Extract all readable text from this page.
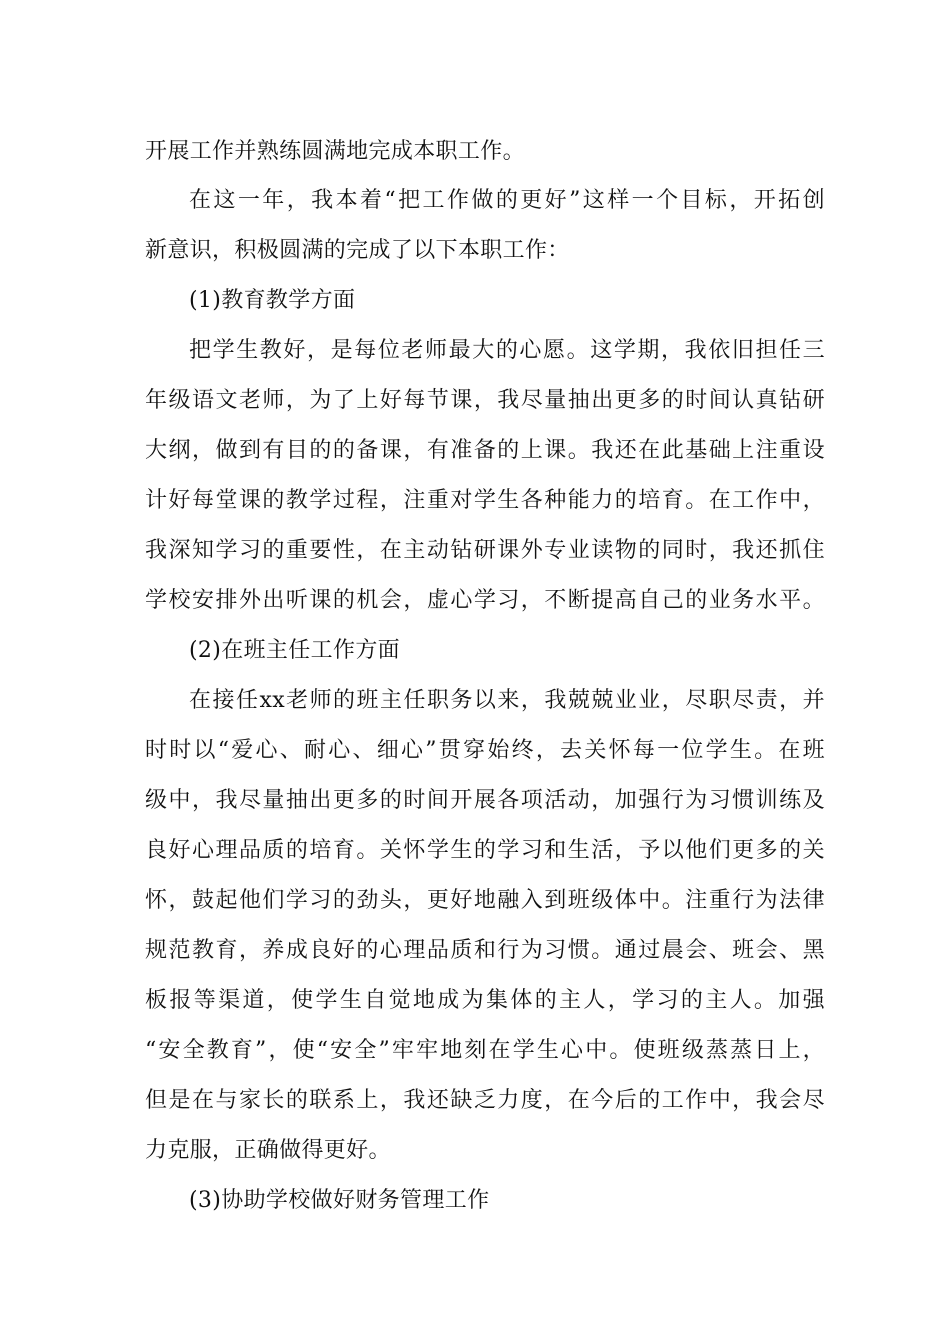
开展工作并熟练圆满地完成本职工作。
在这一年，我本着“把工作做的更好”这样一个目标，开拓创
新意识，积极圆满的完成了以下本职工作：
(1)教育教学方面
把学生教好，是每位老师最大的心愿。这学期，我依旧担任三
年级语文老师，为了上好每节课，我尽量抽出更多的时间认真钻研
大纲，做到有目的的备课，有准备的上课。我还在此基础上注重设
计好每堂课的教学过程，注重对学生各种能力的培育。在工作中，
我深知学习的重要性，在主动钻研课外专业读物的同时，我还抓住
学校安排外出听课的机会，虚心学习，不断提高自己的业务水平。
(2)在班主任工作方面
在接任xx老师的班主任职务以来，我兢兢业业，尽职尽责，并
时时以“爱心、耐心、细心”贯穿始终，去关怀每一位学生。在班
级中，我尽量抽出更多的时间开展各项活动，加强行为习惯训练及
良好心理品质的培育。关怀学生的学习和生活，予以他们更多的关
怀，鼓起他们学习的劲头，更好地融入到班级体中。注重行为法律
规范教育，养成良好的心理品质和行为习惯。通过晨会、班会、黑
板报等渠道，使学生自觉地成为集体的主人，学习的主人。加强
“安全教育”，使“安全”牢牢地刻在学生心中。使班级蒸蒸日上，
但是在与家长的联系上，我还缺乏力度，在今后的工作中，我会尽
力克服，正确做得更好。
(3)协助学校做好财务管理工作
